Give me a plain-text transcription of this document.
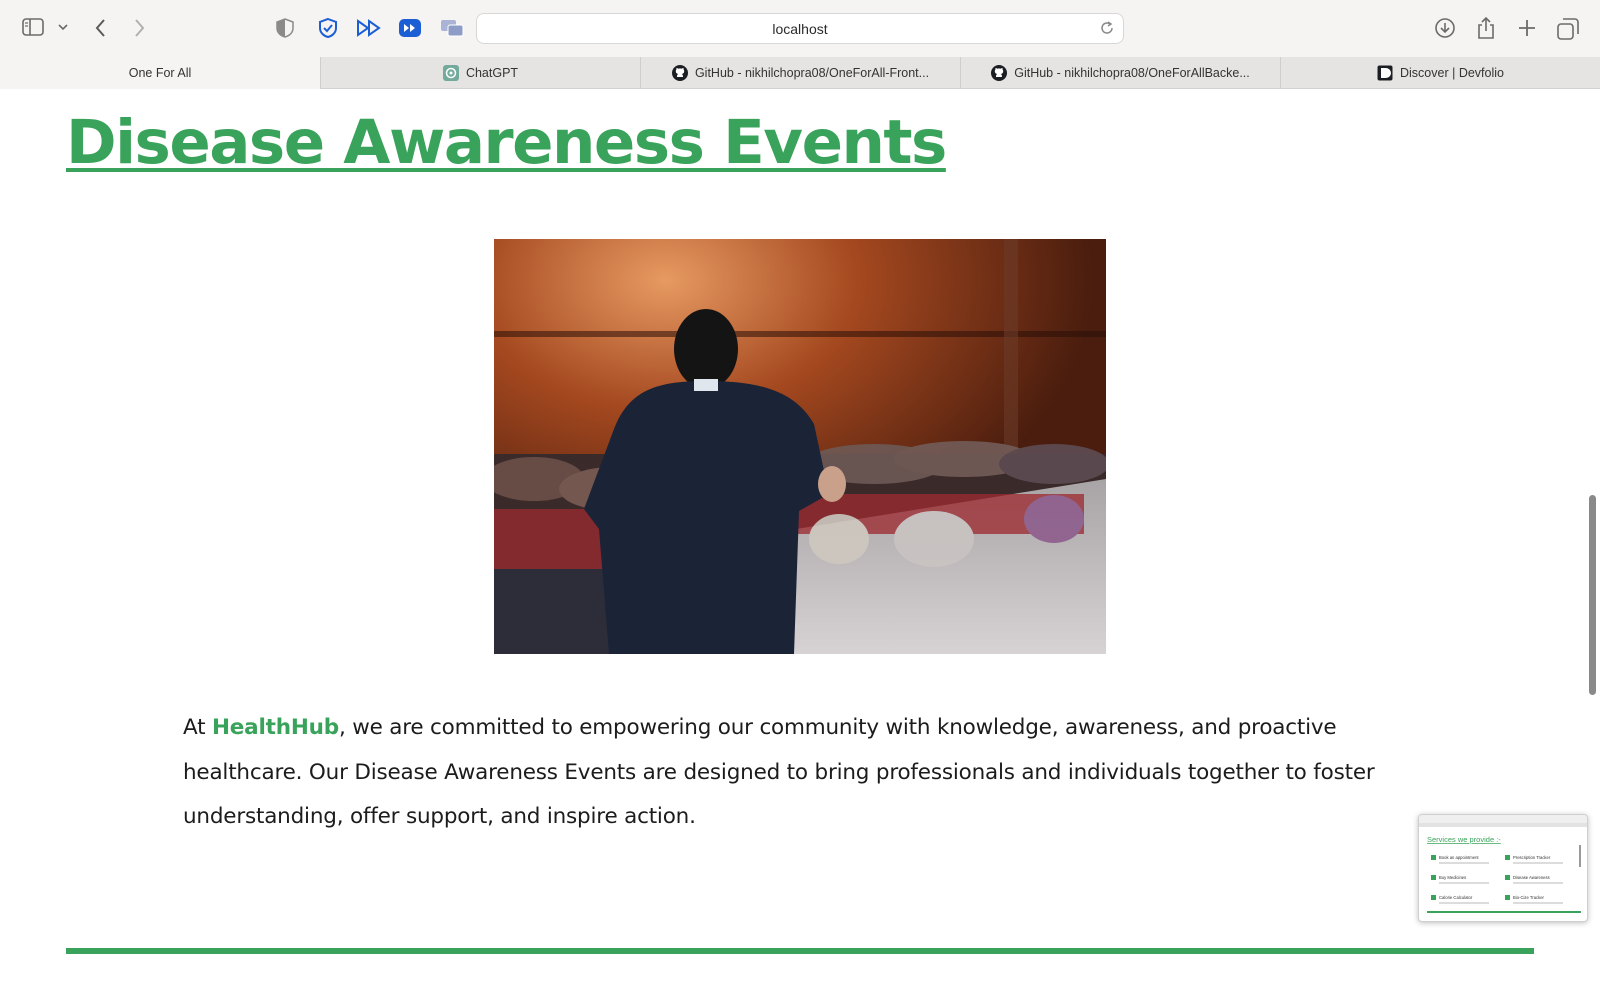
localhost
One For All	ChatGPT	GitHub - nikhilchopra08/OneForAll-Front...	GitHub - nikhilchopra08/OneForAllBacke...	Discover | Devfolio
Disease Awareness Events

At HealthHub, we are committed to empowering our community with knowledge, awareness, and proactive healthcare. Our Disease Awareness Events are designed to bring professionals and individuals together to foster understanding, offer support, and inspire action.

Services we provide :-
Book an appointment	Prescription Tracker
Buy Medicines	Disease Awareness
Calorie Calculator	Bio-Cize Tracker
